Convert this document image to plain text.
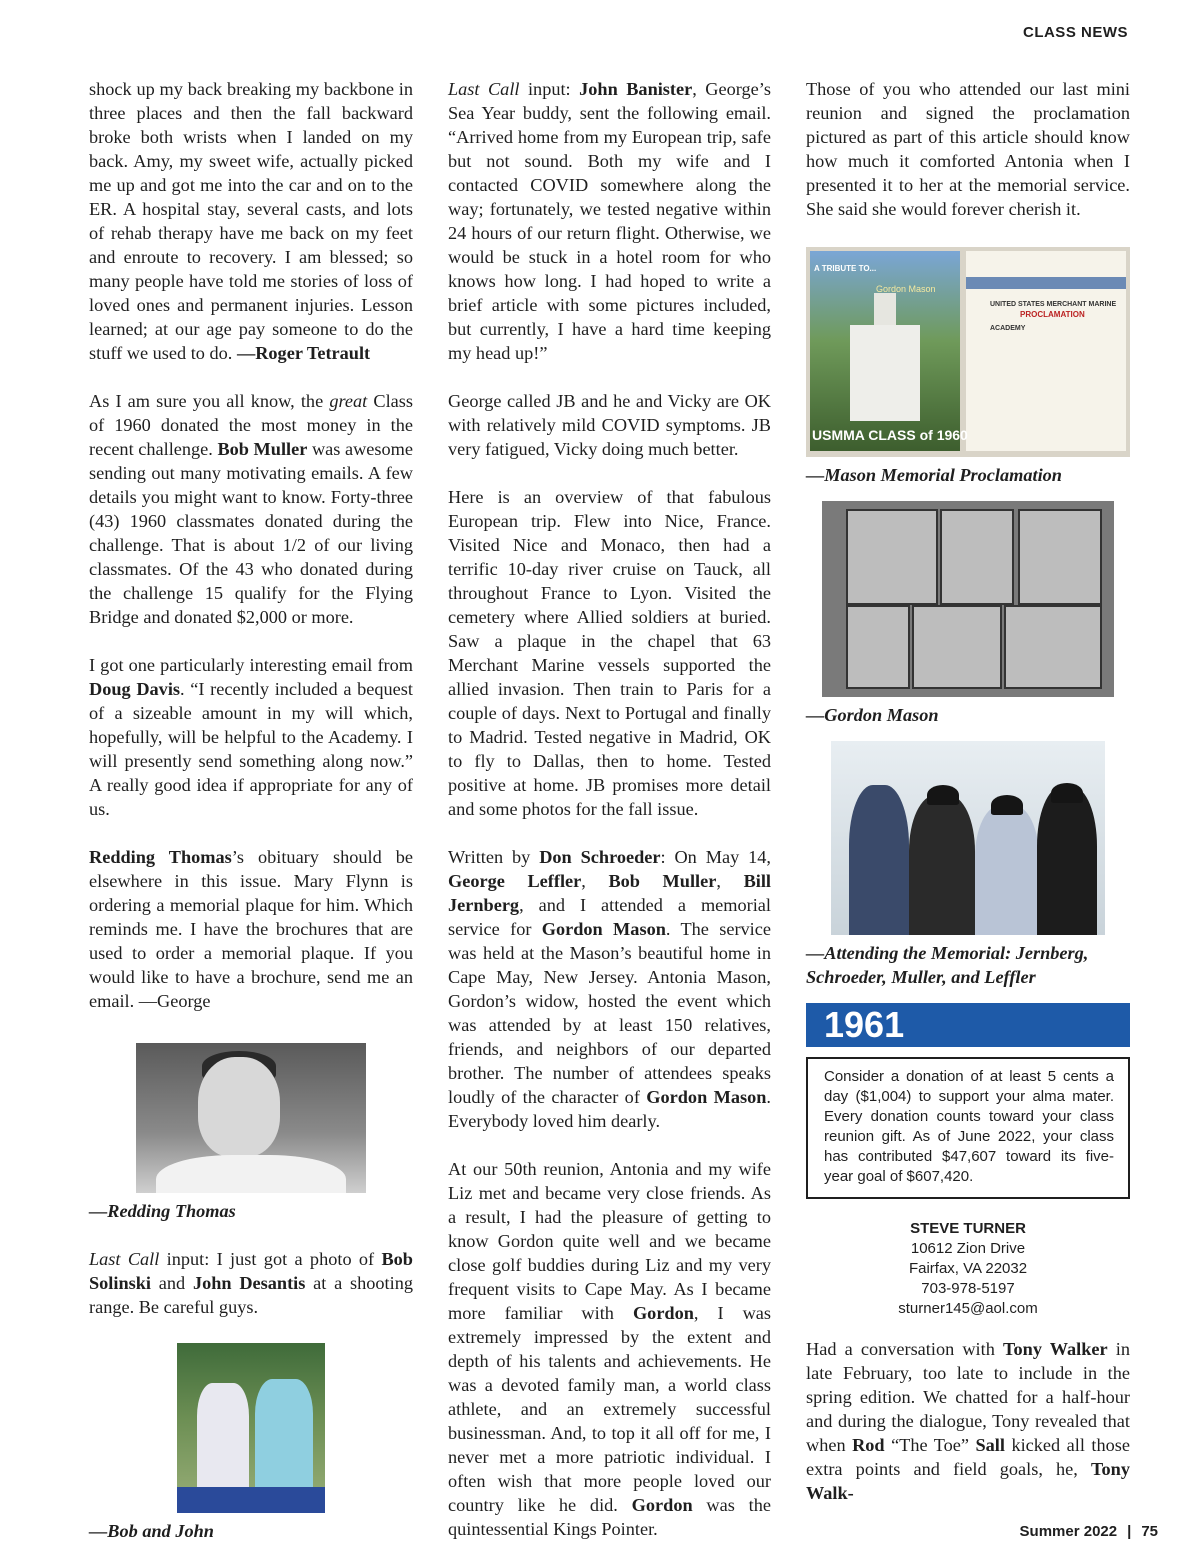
CLASS NEWS

shock up my back breaking my backbone in three places and then the fall backward broke both wrists when I landed on my back. Amy, my sweet wife, actually picked me up and got me into the car and on to the ER. A hospital stay, several casts, and lots of rehab therapy have me back on my feet and enroute to recovery. I am blessed; so many people have told me stories of loss of loved ones and permanent injuries. Lesson learned; at our age pay someone to do the stuff we used to do. —Roger Tetrault

As I am sure you all know, the great Class of 1960 donated the most money in the recent challenge. Bob Muller was awesome sending out many motivating emails. A few details you might want to know. Forty-three (43) 1960 classmates donated during the challenge. That is about 1/2 of our living classmates. Of the 43 who donated during the challenge 15 qualify for the Flying Bridge and donated $2,000 or more.

I got one particularly interesting email from Doug Davis. “I recently included a bequest of a sizeable amount in my will which, hopefully, will be helpful to the Academy. I will presently send something along now.” A really good idea if appropriate for any of us.

Redding Thomas’s obituary should be elsewhere in this issue. Mary Flynn is ordering a memorial plaque for him. Which reminds me. I have the brochures that are used to order a memorial plaque. If you would like to have a brochure, send me an email. —George

—Redding Thomas

Last Call input: I just got a photo of Bob Solinski and John Desantis at a shooting range. Be careful guys.

—Bob and John

Last Call input: John Banister, George’s Sea Year buddy, sent the following email. “Arrived home from my European trip, safe but not sound. Both my wife and I contacted COVID somewhere along the way; fortunately, we tested negative within 24 hours of our return flight. Otherwise, we would be stuck in a hotel room for who knows how long. I had hoped to write a brief article with some pictures included, but currently, I have a hard time keeping my head up!”

George called JB and he and Vicky are OK with relatively mild COVID symptoms. JB very fatigued, Vicky doing much better.

Here is an overview of that fabulous European trip. Flew into Nice, France. Visited Nice and Monaco, then had a terrific 10-day river cruise on Tauck, all throughout France to Lyon. Visited the cemetery where Allied soldiers at buried. Saw a plaque in the chapel that 63 Merchant Marine vessels supported the allied invasion. Then train to Paris for a couple of days. Next to Portugal and finally to Madrid. Tested negative in Madrid, OK to fly to Dallas, then to home. Tested positive at home. JB promises more detail and some photos for the fall issue.

Written by Don Schroeder: On May 14, George Leffler, Bob Muller, Bill Jernberg, and I attended a memorial service for Gordon Mason. The service was held at the Mason’s beautiful home in Cape May, New Jersey. Antonia Mason, Gordon’s widow, hosted the event which was attended by at least 150 relatives, friends, and neighbors of our departed brother. The number of attendees speaks loudly of the character of Gordon Mason. Everybody loved him dearly.

At our 50th reunion, Antonia and my wife Liz met and became very close friends. As a result, I had the pleasure of getting to know Gordon quite well and we became close golf buddies during Liz and my very frequent visits to Cape May. As I became more familiar with Gordon, I was extremely impressed by the extent and depth of his talents and achievements. He was a devoted family man, a world class athlete, and an extremely successful businessman. And, to top it all off for me, I never met a more patriotic individual. I often wish that more people loved our country like he did. Gordon was the quintessential Kings Pointer.

Those of you who attended our last mini reunion and signed the proclamation pictured as part of this article should know how much it comforted Antonia when I presented it to her at the memorial service. She said she would forever cherish it.

A TRIBUTE TO...
Gordon Mason
USMMA CLASS of 1960
UNITED STATES MERCHANT MARINE ACADEMY
PROCLAMATION
—Mason Memorial Proclamation
—Gordon Mason
—Attending the Memorial: Jernberg, Schroeder, Muller, and Leffler
1961
Consider a donation of at least 5 cents a day ($1,004) to support your alma mater. Every donation counts toward your class reunion gift. As of June 2022, your class has contributed $47,607 toward its five-year goal of $607,420.
STEVE TURNER
10612 Zion Drive
Fairfax, VA 22032
703-978-5197
sturner145@aol.com

Had a conversation with Tony Walker in late February, too late to include in the spring edition. We chatted for a half-hour and during the dialogue, Tony revealed that when Rod “The Toe” Sall kicked all those extra points and field goals, he, Tony Walk-

Summer 2022 | 75
